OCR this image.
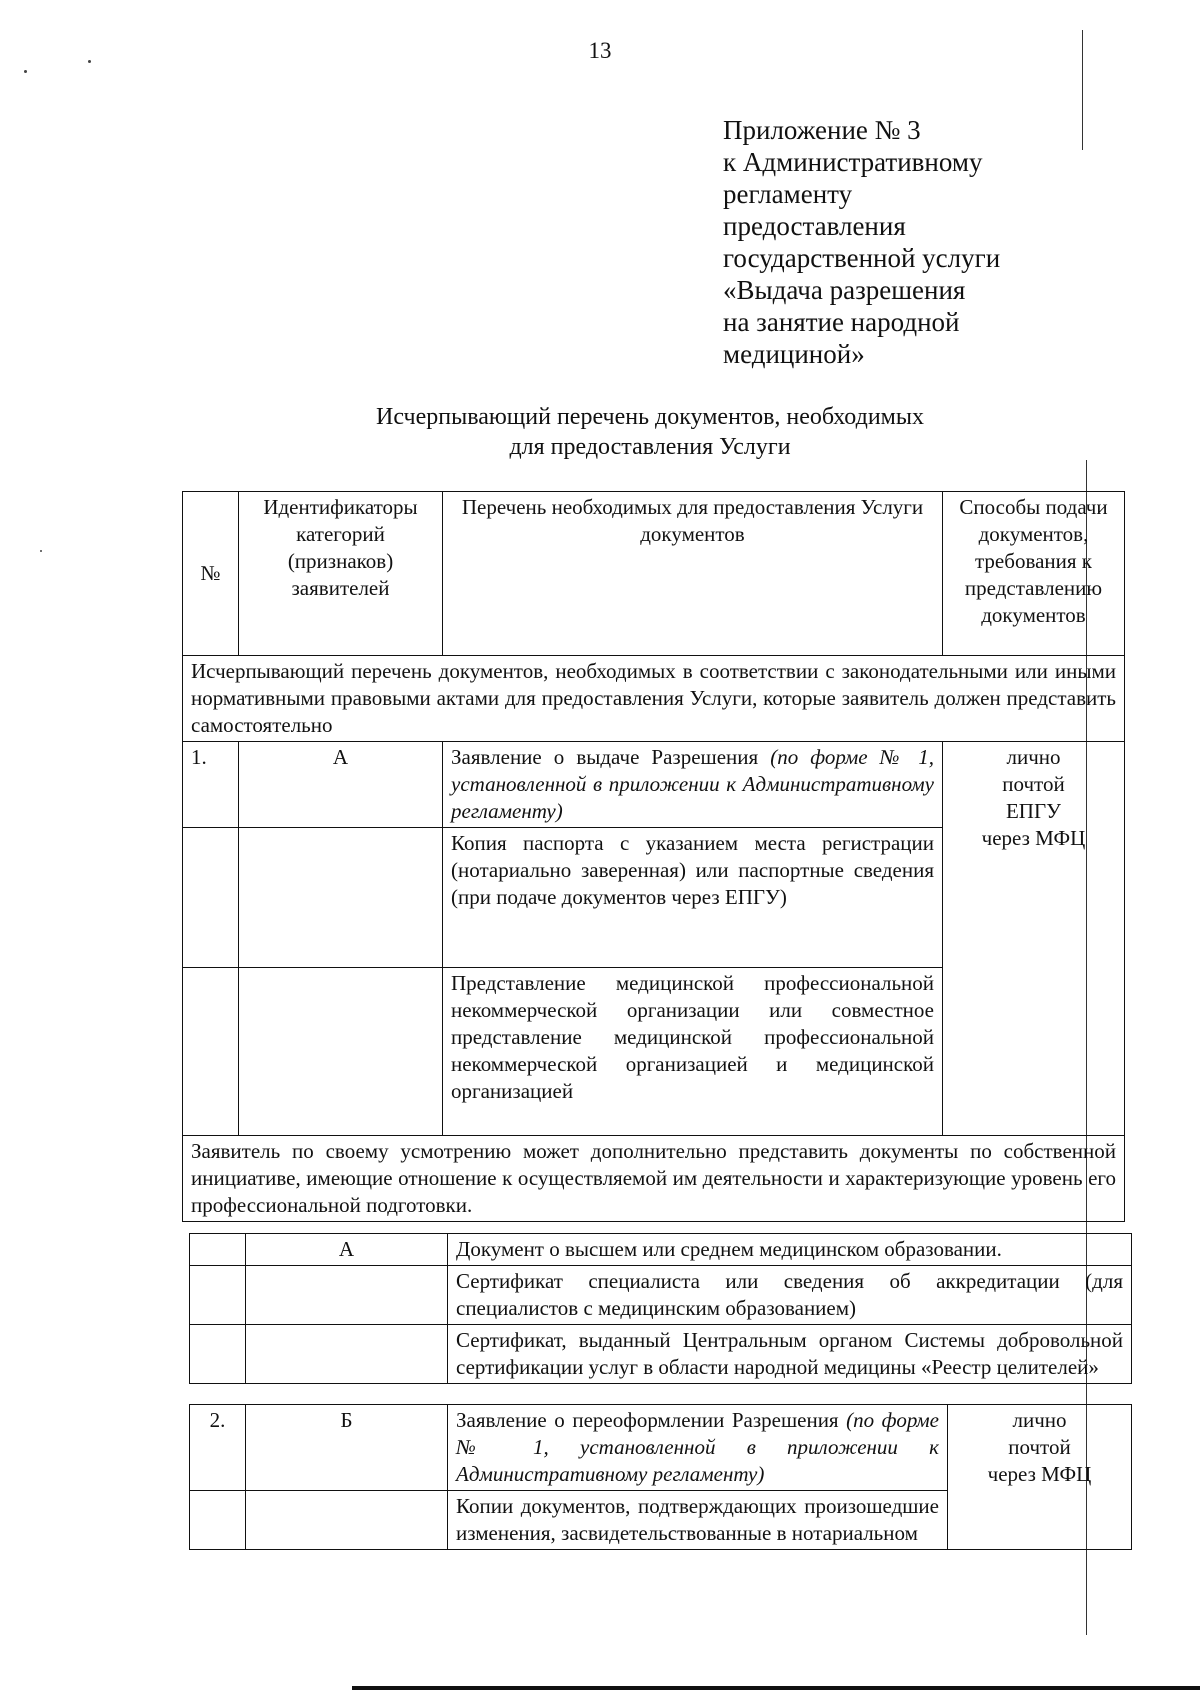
13
Приложение № 3
к Административному
регламенту
предоставления
государственной услуги
«Выдача разрешения
на занятие народной
медициной»
Исчерпывающий перечень документов, необходимых
для предоставления Услуги
№	Идентификаторы категорий (признаков) заявителей	Перечень необходимых для предоставления Услуги документов	Способы подачи документов, требования к представлению документов
Исчерпывающий перечень документов, необходимых в соответствии с законодательными или иными нормативными правовыми актами для предоставления Услуги, которые заявитель должен представить самостоятельно			
1.	А	Заявление о выдаче Разрешения (по форме № 1, установленной в приложении к Административному регламенту)	лично
почтой
ЕПГУ
через МФЦ

		Копия паспорта с указанием места регистрации (нотариально заверенная) или паспортные сведения (при подаче документов через ЕПГУ)	
		Представление медицинской профессиональной некоммерческой организации или совместное представление медицинской профессиональной некоммерческой организацией и медицинской организацией	
Заявитель по своему усмотрению может дополнительно представить документы по собственной инициативе, имеющие отношение к осуществляемой им деятельности и характеризующие уровень его профессиональной подготовки.			
	А	Документ о высшем или среднем медицинском образовании.
		Сертификат специалиста или сведения об аккредитации (для специалистов с медицинским образованием)
		Сертификат, выданный Центральным органом Системы добровольной сертификации услуг в области народной медицины «Реестр целителей»
2.	Б	Заявление о переоформлении Разрешения (по форме № 1, установленной в приложении к Административному регламенту)	лично
почтой
через МФЦ

		Копии документов, подтверждающих произошедшие изменения, засвидетельствованные в нотариальном	
